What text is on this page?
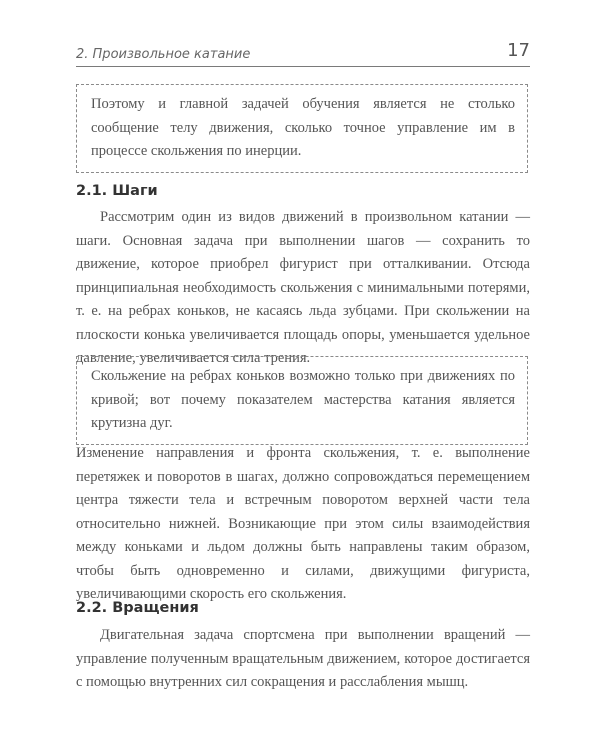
2. Произвольное катание	17

Поэтому и главной задачей обучения является не столько сообщение телу движения, сколько точное управление им в процессе скольжения по инерции.

2.1. Шаги

Рассмотрим один из видов движений в произвольном катании — шаги. Основная задача при выполнении шагов — сохранить то движение, которое приобрел фигурист при отталкивании. Отсюда принципиальная необходимость скольжения с минимальными потерями, т. е. на ребрах коньков, не касаясь льда зубцами. При скольжении на плоскости конька увеличивается площадь опоры, уменьшается удельное давление, увеличивается сила трения.

Скольжение на ребрах коньков возможно только при движениях по кривой; вот почему показателем мастерства катания является крутизна дуг.

Изменение направления и фронта скольжения, т. е. выполнение перетяжек и поворотов в шагах, должно сопровождаться перемещением центра тяжести тела и встречным поворотом верхней части тела относительно нижней. Возникающие при этом силы взаимодействия между коньками и льдом должны быть направлены таким образом, чтобы быть одновременно и силами, движущими фигуриста, увеличивающими скорость его скольжения.

2.2. Вращения

Двигательная задача спортсмена при выполнении вращений — управление полученным вращательным движением, которое достигается с помощью внутренних сил сокращения и расслабления мышц.
